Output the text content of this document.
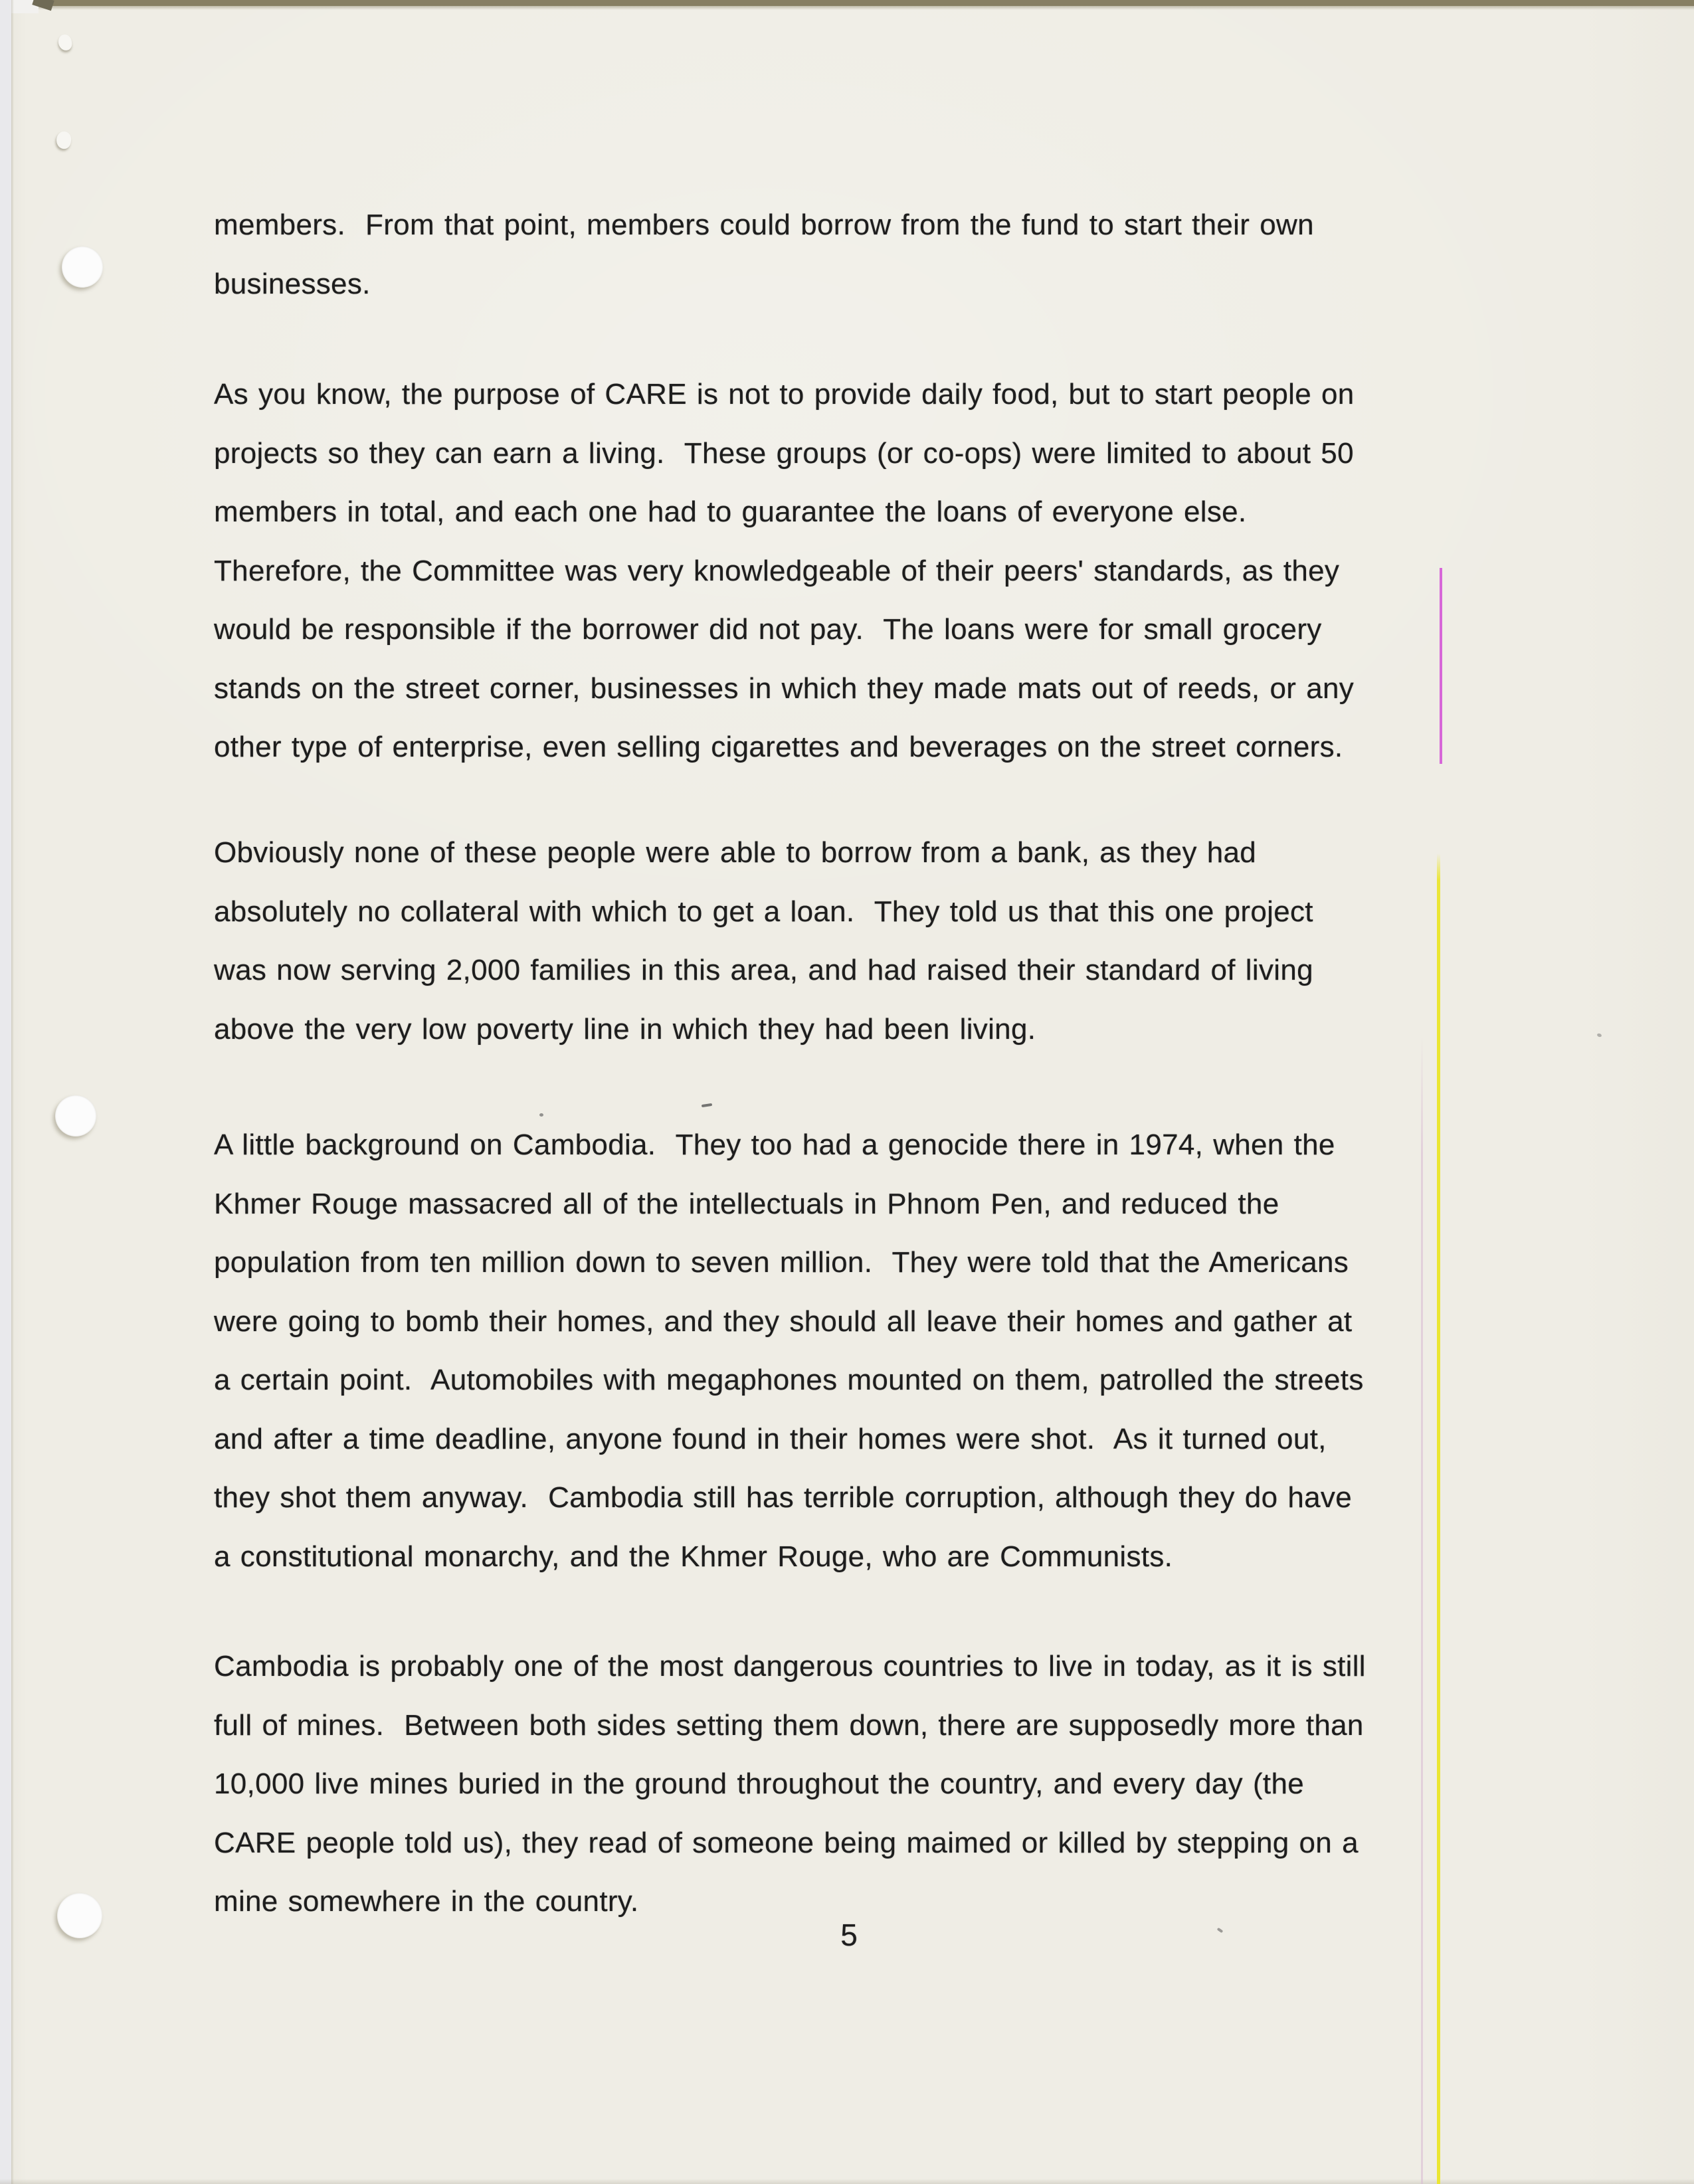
members.  From that point, members could borrow from the fund to start their own
businesses.
As you know, the purpose of CARE is not to provide daily food, but to start people on
projects so they can earn a living.  These groups (or co-ops) were limited to about 50
members in total, and each one had to guarantee the loans of everyone else.
Therefore, the Committee was very knowledgeable of their peers' standards, as they
would be responsible if the borrower did not pay.  The loans were for small grocery
stands on the street corner, businesses in which they made mats out of reeds, or any
other type of enterprise, even selling cigarettes and beverages on the street corners.
Obviously none of these people were able to borrow from a bank, as they had
absolutely no collateral with which to get a loan.  They told us that this one project
was now serving 2,000 families in this area, and had raised their standard of living
above the very low poverty line in which they had been living.
A little background on Cambodia.  They too had a genocide there in 1974, when the
Khmer Rouge massacred all of the intellectuals in Phnom Pen, and reduced the
population from ten million down to seven million.  They were told that the Americans
were going to bomb their homes, and they should all leave their homes and gather at
a certain point.  Automobiles with megaphones mounted on them, patrolled the streets
and after a time deadline, anyone found in their homes were shot.  As it turned out,
they shot them anyway.  Cambodia still has terrible corruption, although they do have
a constitutional monarchy, and the Khmer Rouge, who are Communists.
Cambodia is probably one of the most dangerous countries to live in today, as it is still
full of mines.  Between both sides setting them down, there are supposedly more than
10,000 live mines buried in the ground throughout the country, and every day (the
CARE people told us), they read of someone being maimed or killed by stepping on a
mine somewhere in the country.
5
